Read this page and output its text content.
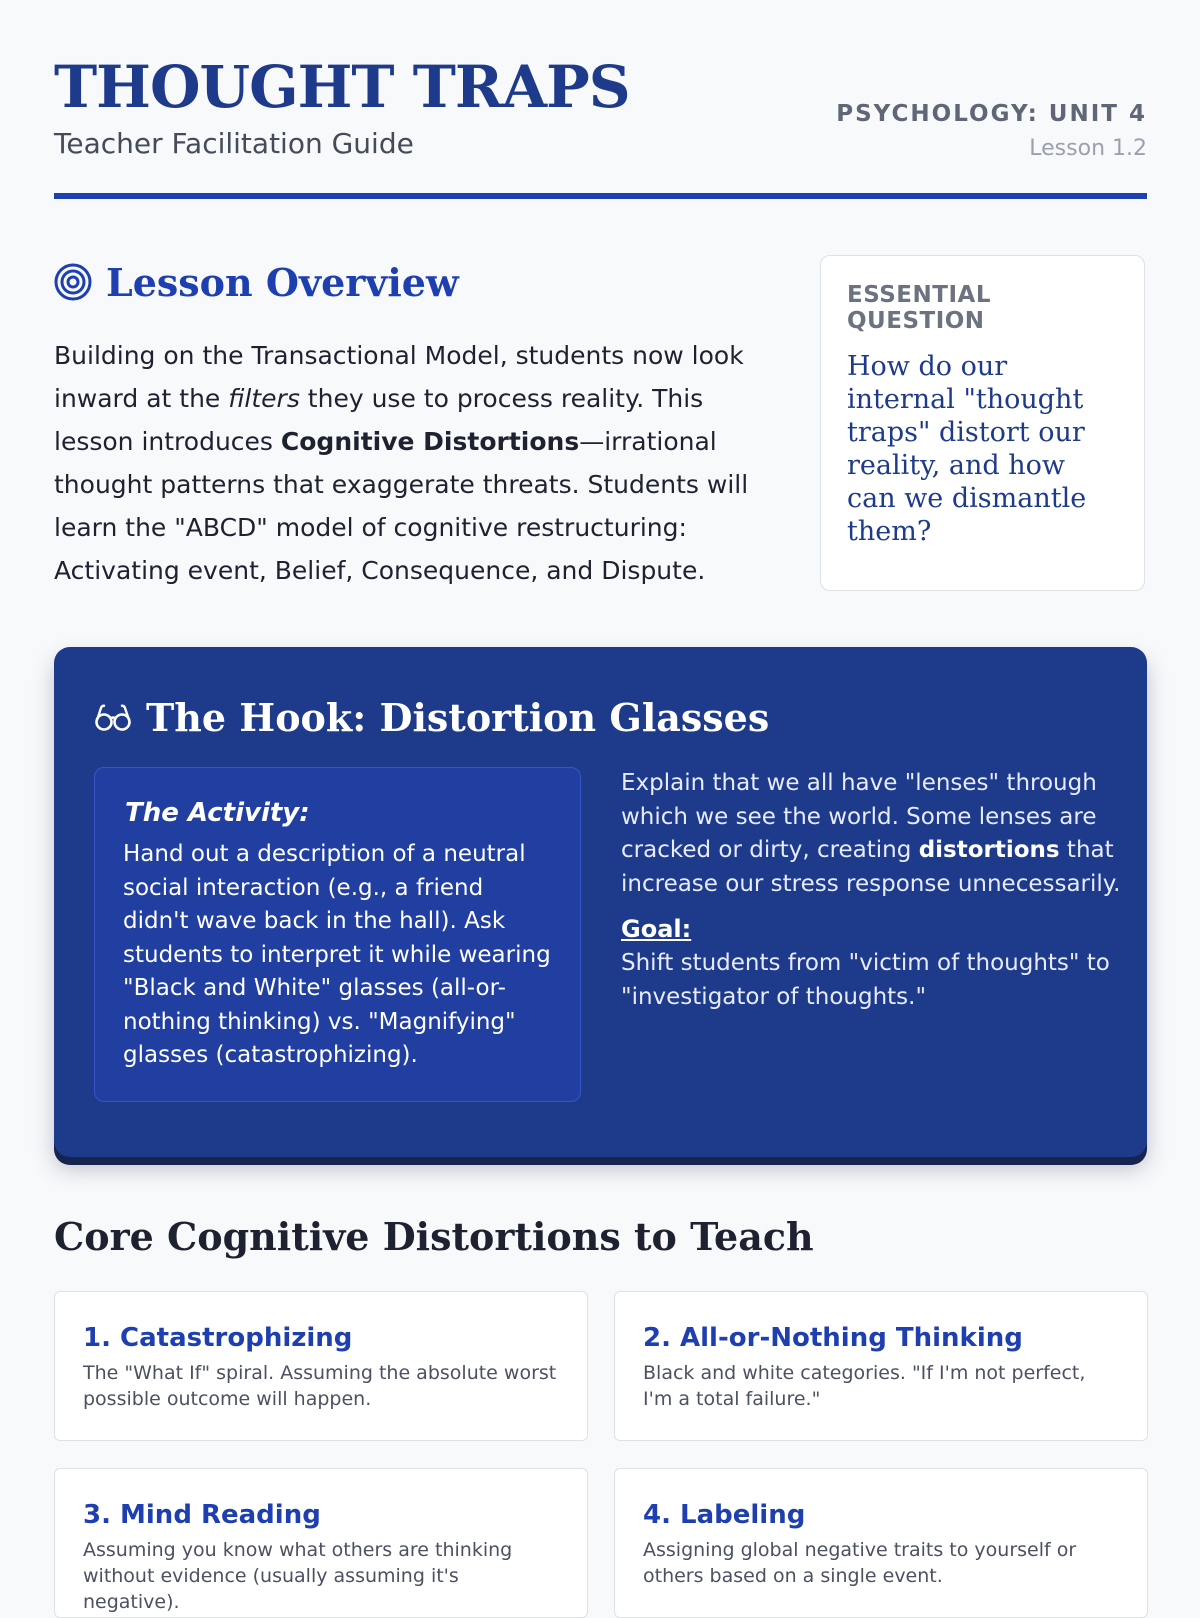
THOUGHT TRAPS
Teacher Facilitation Guide
PSYCHOLOGY: UNIT 4
Lesson 1.2
Lesson Overview

Building on the Transactional Model, students now look inward at the filters they use to process reality. This lesson introduces Cognitive Distortions—irrational thought patterns that exaggerate threats. Students will learn the "ABCD" model of cognitive restructuring: Activating event, Belief, Consequence, and Dispute.

ESSENTIAL QUESTION
How do our internal "thought traps" distort our reality, and how can we dismantle them?
The Hook: Distortion Glasses
The Activity:
Hand out a description of a neutral social interaction (e.g., a friend didn't wave back in the hall). Ask students to interpret it while wearing "Black and White" glasses (all-or-nothing thinking) vs. "Magnifying" glasses (catastrophizing).
Explain that we all have "lenses" through which we see the world. Some lenses are cracked or dirty, creating distortions that increase our stress response unnecessarily.
Goal:
Shift students from "victim of thoughts" to "investigator of thoughts."
Core Cognitive Distortions to Teach
1. Catastrophizing
The "What If" spiral. Assuming the absolute worst possible outcome will happen.
2. All-or-Nothing Thinking
Black and white categories. "If I'm not perfect, I'm a total failure."
3. Mind Reading
Assuming you know what others are thinking without evidence (usually assuming it's negative).
4. Labeling
Assigning global negative traits to yourself or others based on a single event.
